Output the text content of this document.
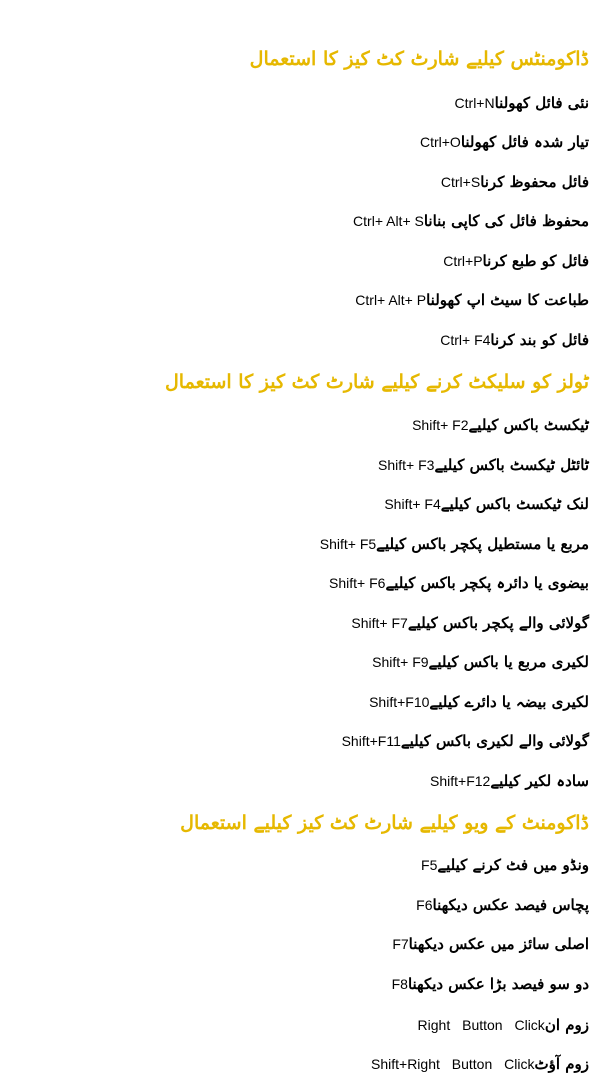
ڈاکومنٹس کیلیے شارٹ کٹ کیز کا استعمال
نئی فائل کھولناCtrl+N
تیار شدہ فائل کھولناCtrl+O
فائل محفوظ کرناCtrl+S
محفوظ فائل کی کاپی بناناCtrl+ Alt+ S
فائل کو طبع کرناCtrl+P
طباعت کا سیٹ اپ کھولناCtrl+ Alt+ P
فائل کو بند کرناCtrl+ F4
ٹولز کو سلیکٹ کرنے کیلیے شارٹ کٹ کیز کا استعمال
ٹیکسٹ باکس کیلیےShift+ F2
ٹائٹل ٹیکسٹ باکس کیلیےShift+ F3
لنک ٹیکسٹ باکس کیلیےShift+ F4
مربع یا مستطیل پکچر باکس کیلیےShift+ F5
بیضوی یا دائرہ پکچر باکس کیلیےShift+ F6
گولائی والے پکچر باکس کیلیےShift+ F7
لکیری مربع یا باکس کیلیےShift+ F9
لکیری بیضہ یا دائرے کیلیےShift+F10
گولائی والے لکیری باکس کیلیےShift+F11
سادہ لکیر کیلیےShift+F12
ڈاکومنٹ کے ویو کیلیے شارٹ کٹ کیز کیلیے استعمال
ونڈو میں فٹ کرنے کیلیےF5
پچاس فیصد عکس دیکھناF6
اصلی سائز میں عکس دیکھناF7
دو سو فیصد بڑا عکس دیکھناF8
زوم انRight Button Click
زوم آؤٹShift+Right Button Click
